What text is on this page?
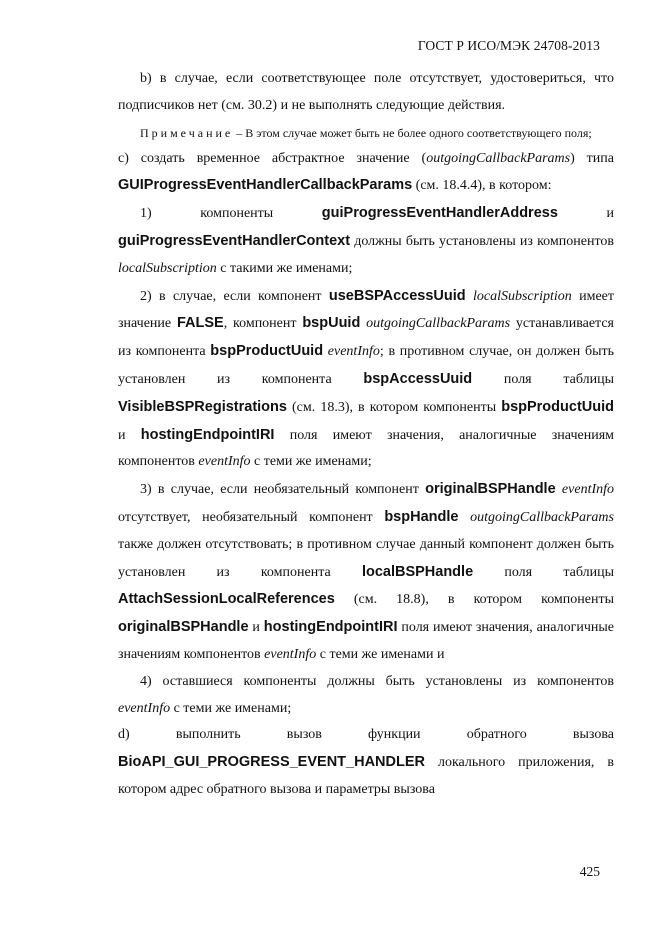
ГОСТ Р ИСО/МЭК 24708-2013

b) в случае, если соответствующее поле отсутствует, удостовериться, что подписчиков нет (см. 30.2) и не выполнять следующие действия.

Примечание – В этом случае может быть не более одного соответствующего поля;

c) создать временное абстрактное значение (outgoingCallbackParams) типа GUIProgressEventHandlerCallbackParams (см. 18.4.4), в котором:

1) компоненты guiProgressEventHandlerAddress и guiProgressEventHandlerContext должны быть установлены из компонентов localSubscription с такими же именами;

2) в случае, если компонент useBSPAccessUuid localSubscription имеет значение FALSE, компонент bspUuid outgoingCallbackParams устанавливается из компонента bspProductUuid eventInfo; в противном случае, он должен быть установлен из компонента bspAccessUuid поля таблицы VisibleBSPRegistrations (см. 18.3), в котором компоненты bspProductUuid и hostingEndpointIRI поля имеют значения, аналогичные значениям компонентов eventInfo с теми же именами;

3) в случае, если необязательный компонент originalBSPHandle eventInfo отсутствует, необязательный компонент bspHandle outgoingCallbackParams также должен отсутствовать; в противном случае данный компонент должен быть установлен из компонента localBSPHandle поля таблицы AttachSessionLocalReferences (см. 18.8), в котором компоненты originalBSPHandle и hostingEndpointIRI поля имеют значения, аналогичные значениям компонентов eventInfo с теми же именами и

4) оставшиеся компоненты должны быть установлены из компонентов eventInfo с теми же именами;

d) выполнить вызов функции обратного вызова BioAPI_GUI_PROGRESS_EVENT_HANDLER локального приложения, в котором адрес обратного вызова и параметры вызова

425
